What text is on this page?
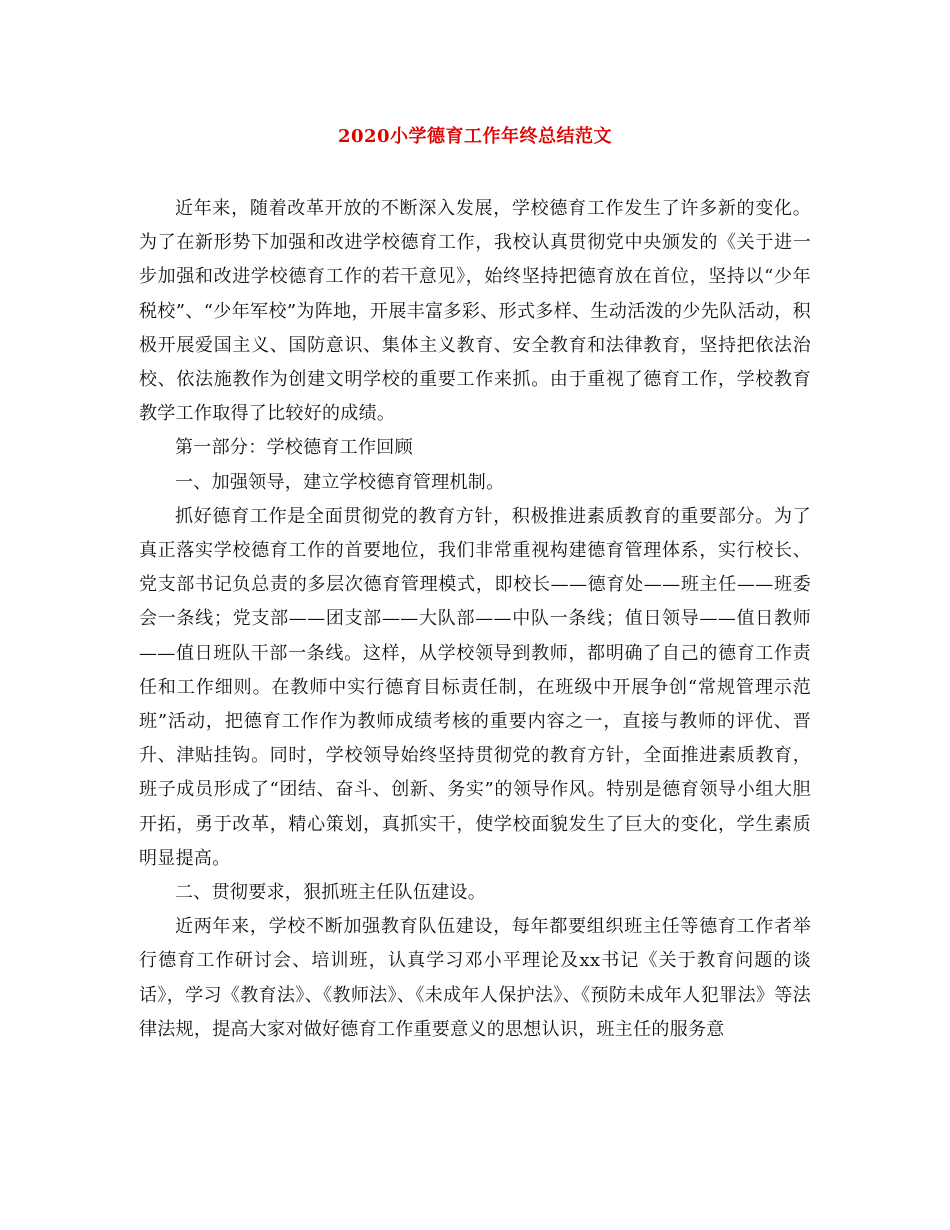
2020小学德育工作年终总结范文

近年来，随着改革开放的不断深入发展，学校德育工作发生了许多新的变化。为了在新形势下加强和改进学校德育工作，我校认真贯彻党中央颁发的《关于进一步加强和改进学校德育工作的若干意见》，始终坚持把德育放在首位，坚持以“少年税校”、“少年军校”为阵地，开展丰富多彩、形式多样、生动活泼的少先队活动，积极开展爱国主义、国防意识、集体主义教育、安全教育和法律教育，坚持把依法治校、依法施教作为创建文明学校的重要工作来抓。由于重视了德育工作，学校教育教学工作取得了比较好的成绩。

第一部分：学校德育工作回顾

一、加强领导，建立学校德育管理机制。

抓好德育工作是全面贯彻党的教育方针，积极推进素质教育的重要部分。为了真正落实学校德育工作的首要地位，我们非常重视构建德育管理体系，实行校长、党支部书记负总责的多层次德育管理模式，即校长——德育处——班主任——班委会一条线；党支部——团支部——大队部——中队一条线；值日领导——值日教师——值日班队干部一条线。这样，从学校领导到教师，都明确了自己的德育工作责任和工作细则。在教师中实行德育目标责任制，在班级中开展争创“常规管理示范班”活动，把德育工作作为教师成绩考核的重要内容之一，直接与教师的评优、晋升、津贴挂钩。同时，学校领导始终坚持贯彻党的教育方针，全面推进素质教育，班子成员形成了“团结、奋斗、创新、务实”的领导作风。特别是德育领导小组大胆开拓，勇于改革，精心策划，真抓实干，使学校面貌发生了巨大的变化，学生素质明显提高。

二、贯彻要求，狠抓班主任队伍建设。

近两年来，学校不断加强教育队伍建设，每年都要组织班主任等德育工作者举行德育工作研讨会、培训班，认真学习邓小平理论及xx书记《关于教育问题的谈话》，学习《教育法》、《教师法》、《未成年人保护法》、《预防未成年人犯罪法》等法律法规，提高大家对做好德育工作重要意义的思想认识，班主任的服务意
